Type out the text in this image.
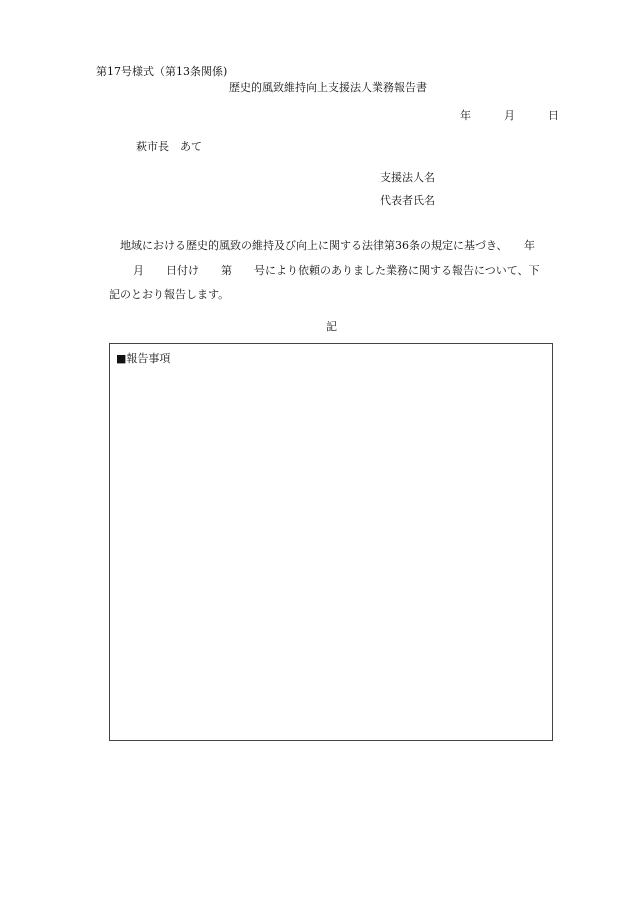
第17号様式（第13条関係)
歴史的風致維持向上支援法人業務報告書
年	月	日
萩市長　あて
支援法人名
代表者氏名
地域における歴史的風致の維持及び向上に関する法律第36条の規定に基づき、　　年
月　　日付け　　第　　号により依頼のありました業務に関する報告について、下
記のとおり報告します。
記
■報告事項
